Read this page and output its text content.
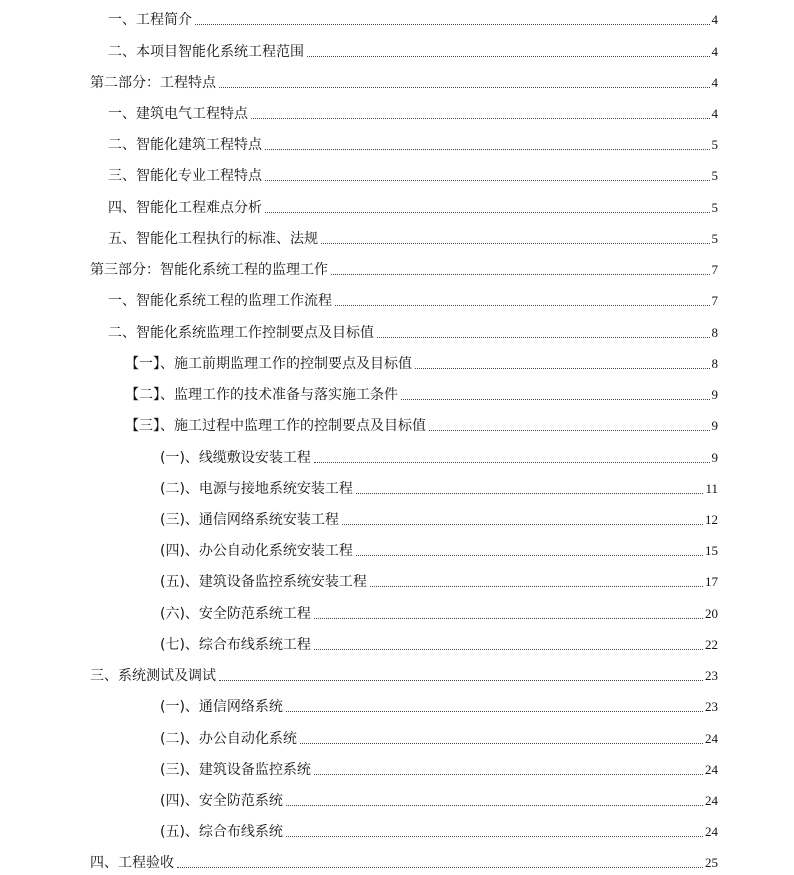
一、工程简介	4
二、本项目智能化系统工程范围	4
第二部分：工程特点	4
一、建筑电气工程特点	4
二、智能化建筑工程特点	5
三、智能化专业工程特点	5
四、智能化工程难点分析	5
五、智能化工程执行的标准、法规	5
第三部分：智能化系统工程的监理工作	7
一、智能化系统工程的监理工作流程	7
二、智能化系统监理工作控制要点及目标值	8
【一】、施工前期监理工作的控制要点及目标值	8
【二】、监理工作的技术准备与落实施工条件	9
【三】、施工过程中监理工作的控制要点及目标值	9
(一)、线缆敷设安装工程	9
(二)、电源与接地系统安装工程	11
(三)、通信网络系统安装工程	12
(四)、办公自动化系统安装工程	15
(五)、建筑设备监控系统安装工程	17
(六)、安全防范系统工程	20
(七)、综合布线系统工程	22
三、系统测试及调试	23
(一)、通信网络系统	23
(二)、办公自动化系统	24
(三)、建筑设备监控系统	24
(四)、安全防范系统	24
(五)、综合布线系统	24
四、工程验收	25
